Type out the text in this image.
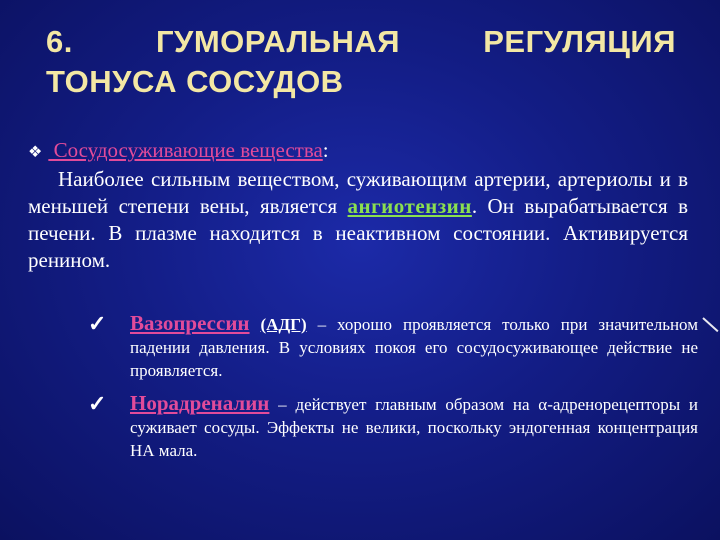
6.	ГУМОРАЛЬНАЯ	РЕГУЛЯЦИЯ
ТОНУСА СОСУДОВ
❖ Сосудосуживающие вещества:
Наиболее сильным веществом, суживающим артерии, артериолы и в меньшей степени вены, является ангиотензин. Он вырабатывается в печени. В плазме находится в неактивном состоянии. Активируется ренином.
✓ Вазопрессин (АДГ) – хорошо проявляется только при значительном падении давления. В условиях покоя его сосудосуживающее действие не проявляется.
✓ Норадреналин – действует главным образом на α-адренорецепторы и суживает сосуды. Эффекты не велики, поскольку эндогенная концентрация НА мала.
